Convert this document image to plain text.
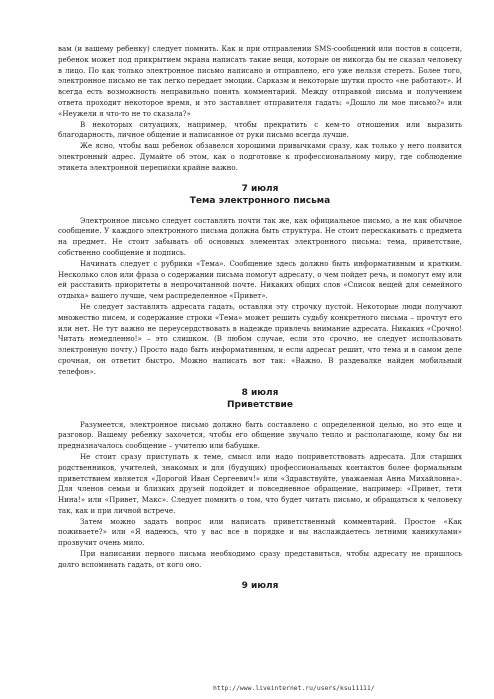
вам (и вашему ребенку) следует помнить. Как и при отправлении SMS-сообщений или постов в соцсети, ребенок может под прикрытием экрана написать такие вещи, которые он никогда бы не сказал человеку в лицо. По как только электронное письмо написано и отправлено, его уже нельзя стереть. Более того, электронное письмо не так легко передает эмоции. Сарказм и некоторые шутки просто «не работают». И всегда есть возможность неправильно понять комментарий. Между отправкой письма и получением ответа проходит некоторое время, и это заставляет отправителя гадать: «Дошло ли мое письмо?» или «Неужели я что-то не то сказала?»

В некоторых ситуациях, например, чтобы прекратить с кем-то отношения или выразить благодарность, личное общение и написанное от руки письмо всегда лучше.

Же ясно, чтобы ваш ребенок обзавелся хорошими привычками сразу, как только у него появится электронный адрес. Думайте об этом, как о подготовке к профессиональному миру, где соблюдение этикета электронной переписки крайне важно.

7 июля
Тема электронного письма

Электронное письмо следует составлять почти так же, как официальное письмо, а не как обычное сообщение. У каждого электронного письма должна быть структура. Не стоит перескакивать с предмета на предмет. Не стоит забывать об основных элементах электронного письма: тема, приветствие, собственно сообщение и подпись.

Начинать следует с рубрики «Тема». Сообщение здесь должно быть информативным и кратким. Несколько слов или фраза о содержании письма помогут адресату, о чем пойдет речь, и помогут ему или ей расставить приоритеты в непрочитанной почте. Никаких общих слов «Список вещей для семейного отдыха» вашего лучше, чем распределенное «Привет».

Не следует заставлять адресата гадать, оставляя эту строчку пустой. Некоторые люди получают множество писем, и содержание строки «Тема» может решить судьбу конкретного письма – прочтут его или нет. Не тут важно не переусердствовать в надежде привлечь внимание адресата. Никаких «Срочно! Читать немедленно!» – это слишком. (В любом случае, если это срочно, не следует использовать электронную почту.) Просто надо быть информативным, и если адресат решит, что тема и в самом деле срочная, он ответит быстро. Можно написать вот так: «Важно. В раздевалке найден мобильный телефон».

8 июля
Приветствие

Разумеется, электронное письмо должно быть составлено с определенной целью, но это еще и разговор. Вашему ребенку захочется, чтобы его общение звучало тепло и располагающе, кому бы ни предназначалось сообщение – учителю или бабушке.

Не стоит сразу приступать к теме, смысл или надо поприветствовать адресата. Для старших родственников, учителей, знакомых и для (будущих) профессиональных контактов более формальным приветствием является «Дорогой Иван Сергеевич!» или «Здравствуйте, уважаемая Анна Михайловна». Для членов семьи и близких друзей подойдет и повседневное обращение, например: «Привет, тетя Нина!» или «Привет, Макс». Следует помнить о том, что будет читать письмо, и обращаться к человеку так, как и при личной встрече.

Затем можно задать вопрос или написать приветственный комментарий. Простое «Как поживаете?» или «Я надеюсь, что у вас все в порядке и вы наслаждаетесь летними каникулами» прозвучит очень мило.

При написании первого письма необходимо сразу представиться, чтобы адресату не пришлось долго вспоминать гадать, от кого оно.

9 июля
http://www.liveinternet.ru/users/ksu11111/
